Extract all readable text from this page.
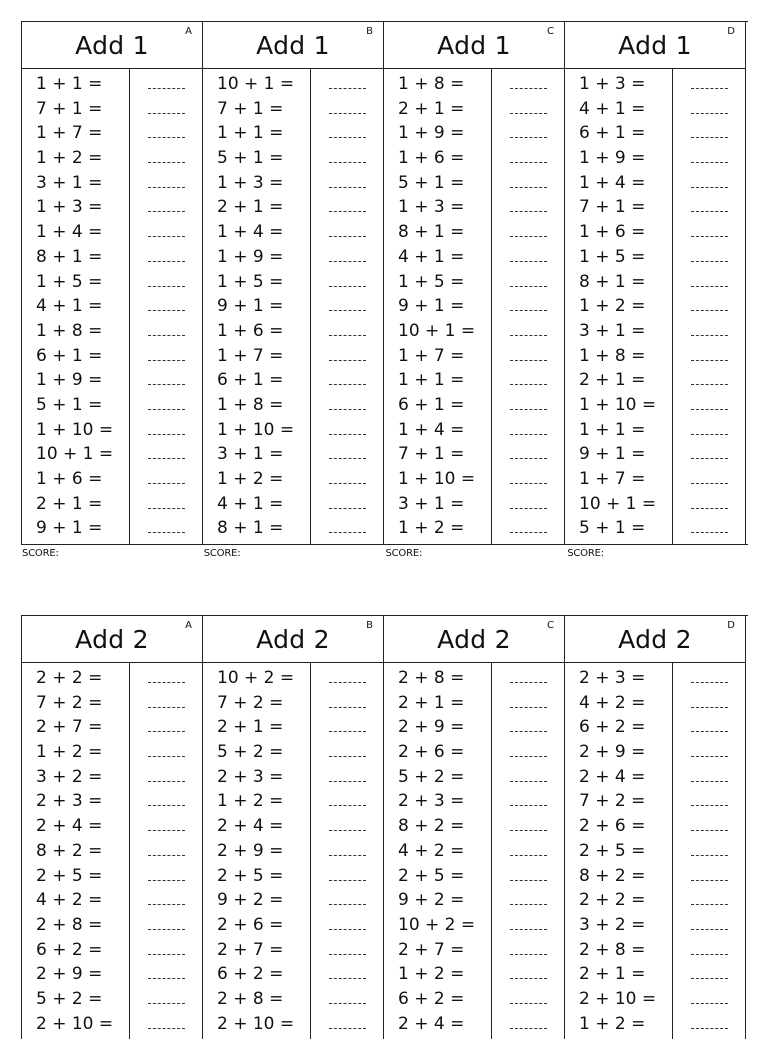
Add 1	A
1 + 1 =
7 + 1 =
1 + 7 =
1 + 2 =
3 + 1 =
1 + 3 =
1 + 4 =
8 + 1 =
1 + 5 =
4 + 1 =
1 + 8 =
6 + 1 =
1 + 9 =
5 + 1 =
1 + 10 =
10 + 1 =
1 + 6 =
2 + 1 =
9 + 1 =
Add 1	B
10 + 1 =
7 + 1 =
1 + 1 =
5 + 1 =
1 + 3 =
2 + 1 =
1 + 4 =
1 + 9 =
1 + 5 =
9 + 1 =
1 + 6 =
1 + 7 =
6 + 1 =
1 + 8 =
1 + 10 =
3 + 1 =
1 + 2 =
4 + 1 =
8 + 1 =
Add 1	C
1 + 8 =
2 + 1 =
1 + 9 =
1 + 6 =
5 + 1 =
1 + 3 =
8 + 1 =
4 + 1 =
1 + 5 =
9 + 1 =
10 + 1 =
1 + 7 =
1 + 1 =
6 + 1 =
1 + 4 =
7 + 1 =
1 + 10 =
3 + 1 =
1 + 2 =
Add 1	D
1 + 3 =
4 + 1 =
6 + 1 =
1 + 9 =
1 + 4 =
7 + 1 =
1 + 6 =
1 + 5 =
8 + 1 =
1 + 2 =
3 + 1 =
1 + 8 =
2 + 1 =
1 + 10 =
1 + 1 =
9 + 1 =
1 + 7 =
10 + 1 =
5 + 1 =
SCORE:	SCORE:	SCORE:	SCORE:
Add 2	A
2 + 2 =
7 + 2 =
2 + 7 =
1 + 2 =
3 + 2 =
2 + 3 =
2 + 4 =
8 + 2 =
2 + 5 =
4 + 2 =
2 + 8 =
6 + 2 =
2 + 9 =
5 + 2 =
2 + 10 =
Add 2	B
10 + 2 =
7 + 2 =
2 + 1 =
5 + 2 =
2 + 3 =
1 + 2 =
2 + 4 =
2 + 9 =
2 + 5 =
9 + 2 =
2 + 6 =
2 + 7 =
6 + 2 =
2 + 8 =
2 + 10 =
Add 2	C
2 + 8 =
2 + 1 =
2 + 9 =
2 + 6 =
5 + 2 =
2 + 3 =
8 + 2 =
4 + 2 =
2 + 5 =
9 + 2 =
10 + 2 =
2 + 7 =
1 + 2 =
6 + 2 =
2 + 4 =
Add 2	D
2 + 3 =
4 + 2 =
6 + 2 =
2 + 9 =
2 + 4 =
7 + 2 =
2 + 6 =
2 + 5 =
8 + 2 =
2 + 2 =
3 + 2 =
2 + 8 =
2 + 1 =
2 + 10 =
1 + 2 =
